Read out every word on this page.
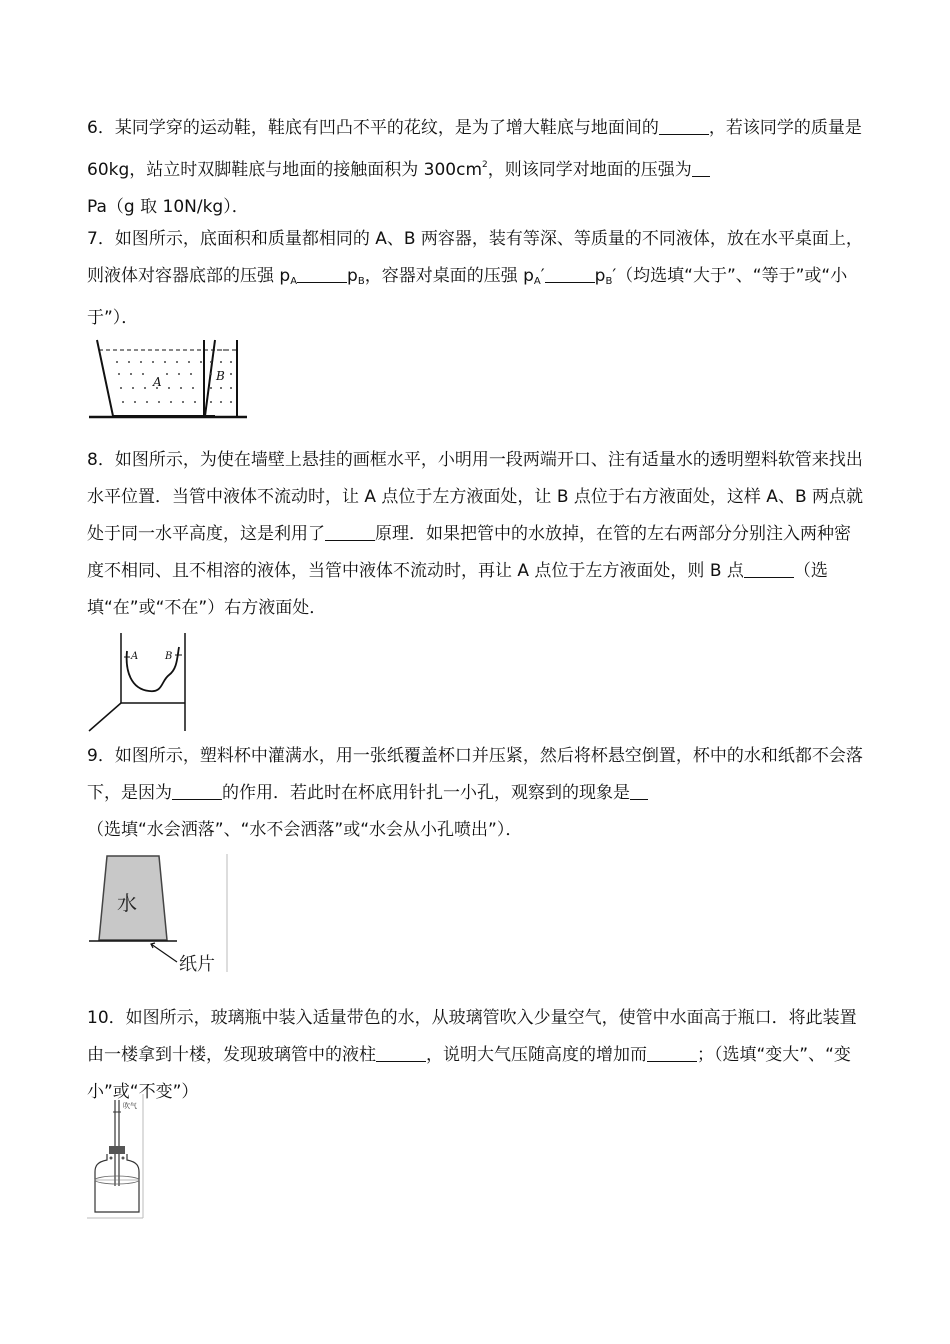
6．某同学穿的运动鞋，鞋底有凹凸不平的花纹，是为了增大鞋底与地面间的	，若该同学的质量是 60kg，站立时双脚鞋底与地面的接触面积为 $300cm^2$，则该同学对地面的压强为
Pa（g 取 10N/kg）．

7．如图所示，底面积和质量都相同的 A、B 两容器，装有等深、等质量的不同液体，放在水平桌面上，则液体对容器底部的压强 $p_A$	$p_B$，容器对桌面的压强 $p_A'$	$p_B'$（均选填“大于”、“等于”或“小于”）．

A	B

8．如图所示，为使在墙壁上悬挂的画框水平，小明用一段两端开口、注有适量水的透明塑料软管来找出水平位置．当管中液体不流动时，让 A 点位于左方液面处，让 B 点位于右方液面处，这样 A、B 两点就处于同一水平高度，这是利用了	原理．如果把管中的水放掉，在管的左右两部分分别注入两种密度不相同、且不相溶的液体，当管中液体不流动时，再让 A 点位于左方液面处，则 B 点	（选填“在”或“不在”）右方液面处．

A	B

9．如图所示，塑料杯中灌满水，用一张纸覆盖杯口并压紧，然后将杯悬空倒置，杯中的水和纸都不会落下，是因为	的作用．若此时在杯底用针扎一小孔，观察到的现象是
（选填“水会洒落”、“水不会洒落”或“水会从小孔喷出”）．

水
纸片

10．如图所示，玻璃瓶中装入适量带色的水，从玻璃管吹入少量空气，使管中水面高于瓶口．将此装置由一楼拿到十楼，发现玻璃管中的液柱	，说明大气压随高度的增加而	；（选填“变大”、“变小”或“不变”）

吹气
